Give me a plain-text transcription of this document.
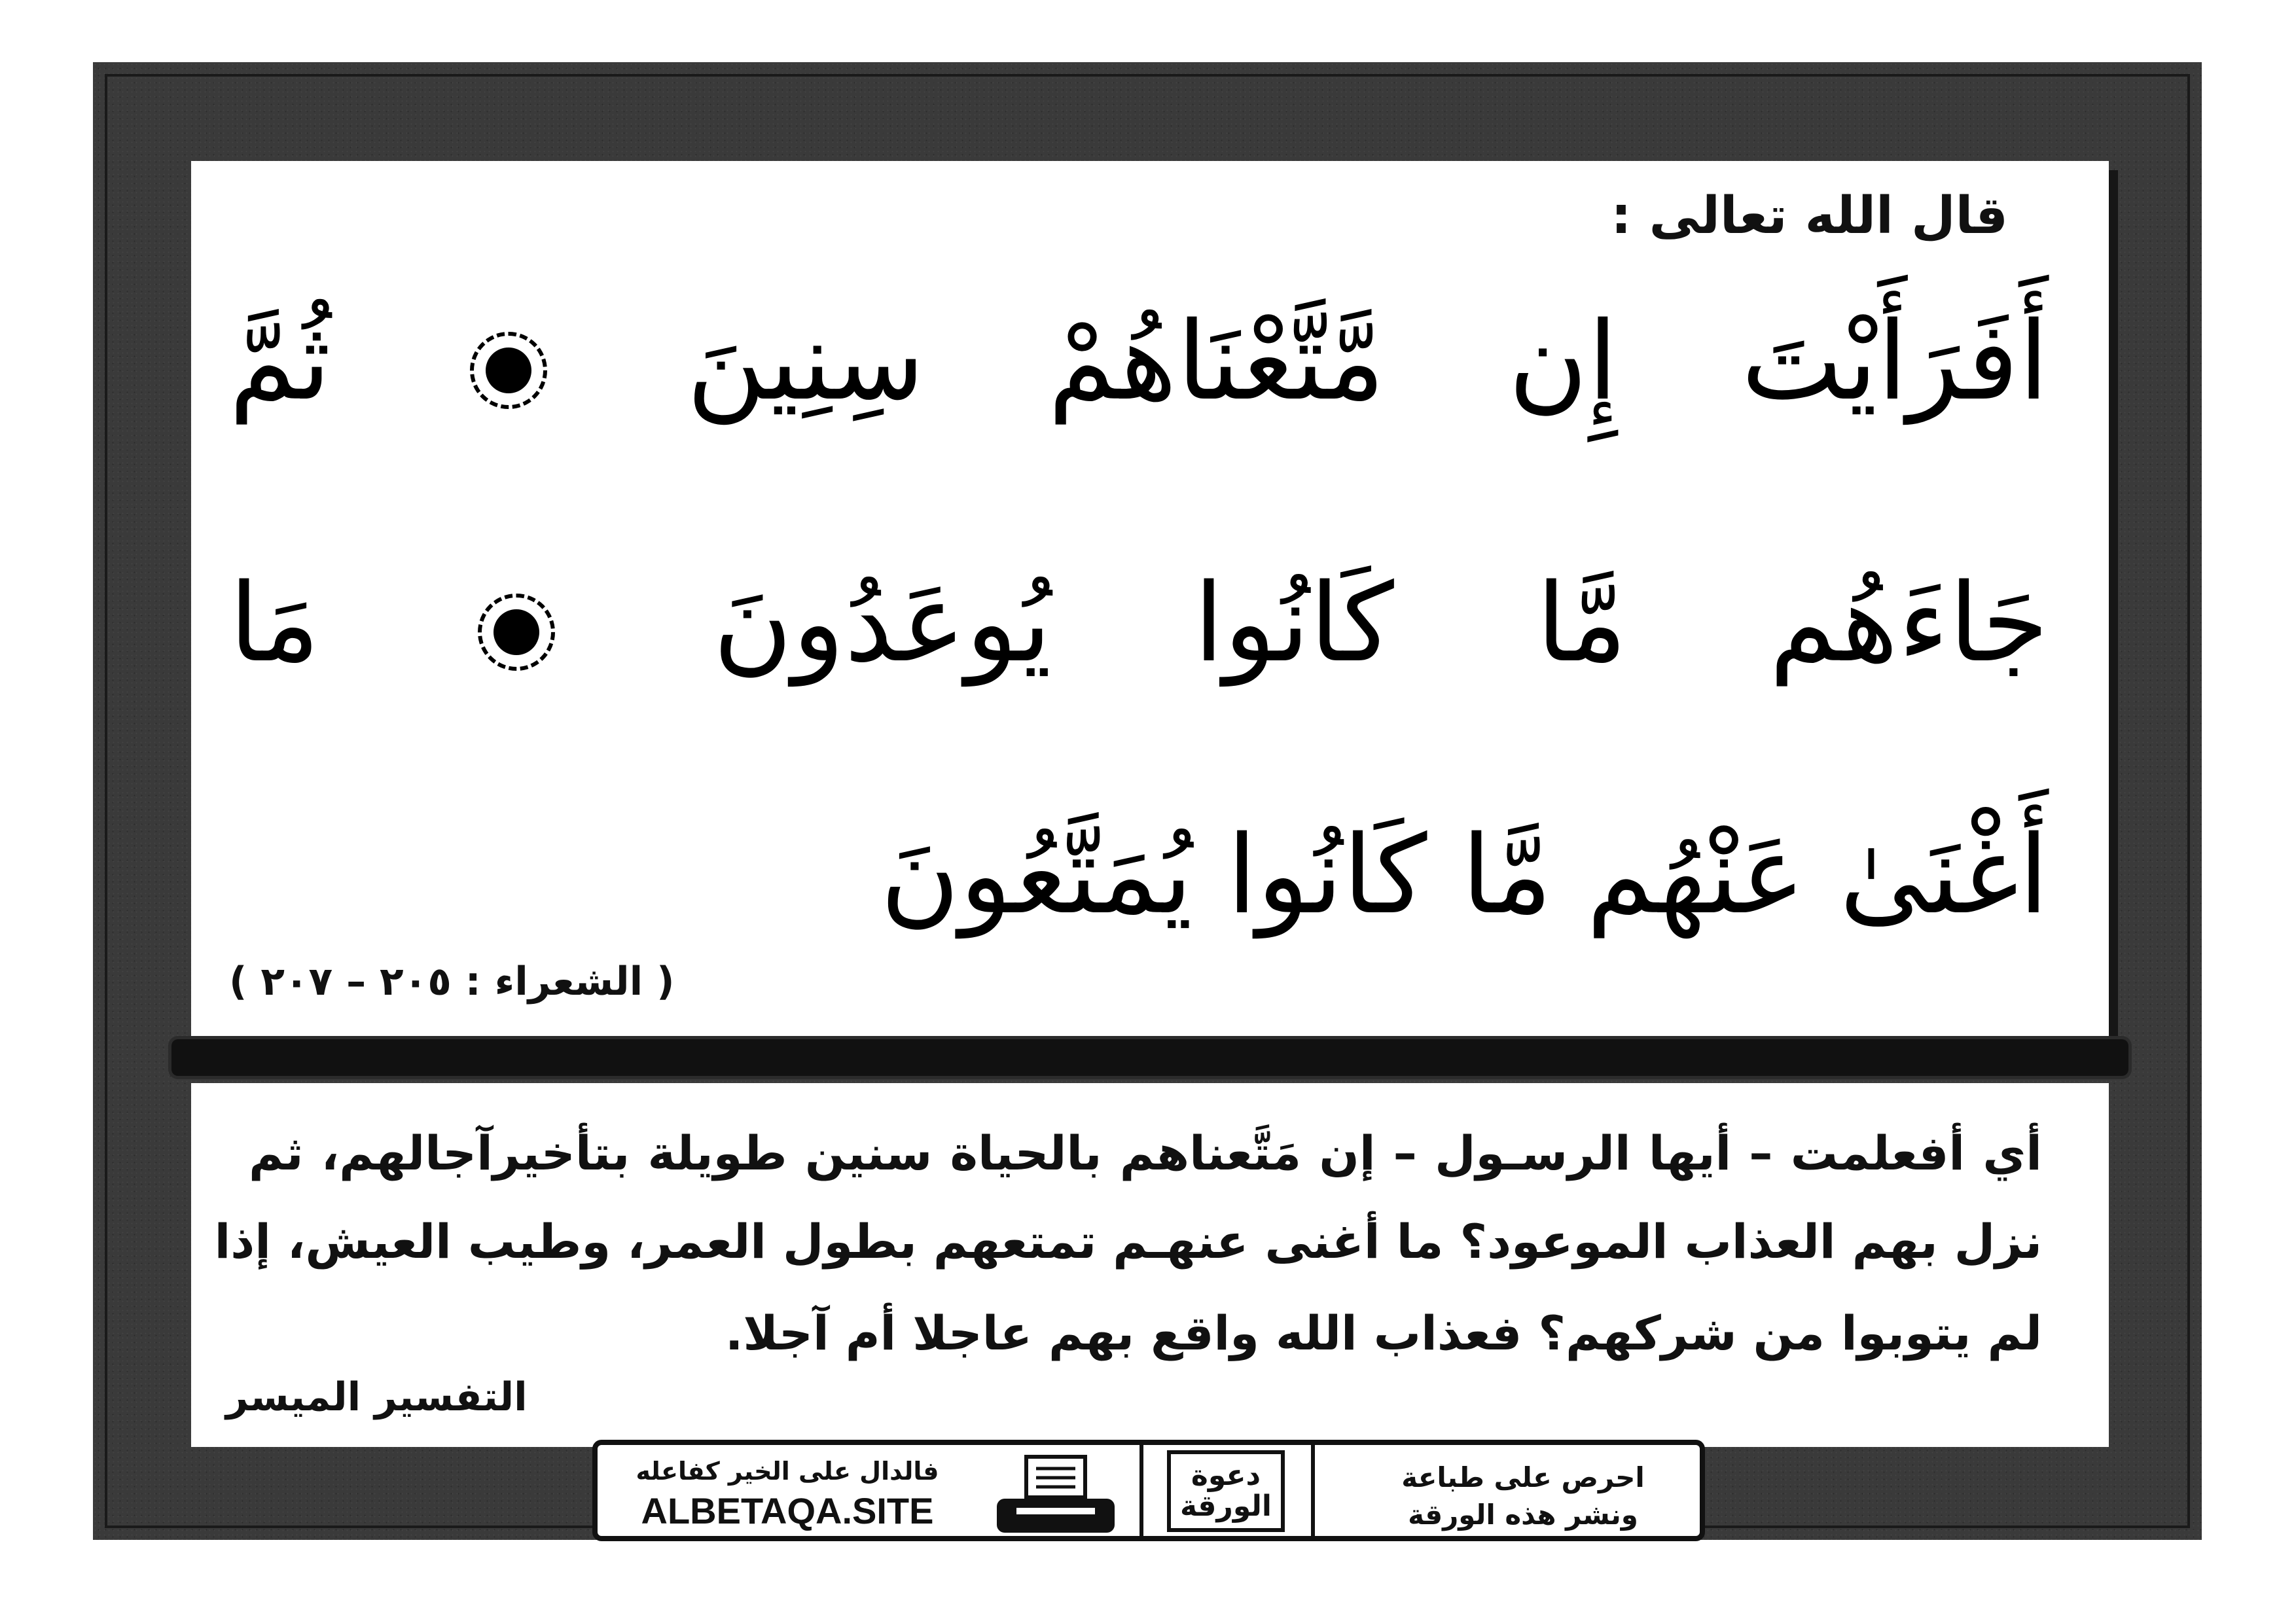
قال الله تعالى :
أَفَرَأَيْتَ إِن مَّتَّعْنَاهُمْ سِنِينَ  ثُمَّ
جَاءَهُم مَّا كَانُوا يُوعَدُونَ  مَا
أَغْنَىٰ عَنْهُم مَّا كَانُوا يُمَتَّعُونَ
( الشعراء : ٢٠٥ – ٢٠٧ )
أي أفعلمت – أيها الرسـول – إن مَتَّعناهم بالحياة سنين طويلة بتأخيرآجالهم، ثم
نزل بهم العذاب الموعود؟ ما أغنى عنهـم تمتعهم بطول العمر، وطيب العيش، إذا
لم يتوبوا من شركهم؟ فعذاب الله واقع بهم عاجلا أم آجلا.
التفسير الميسر
فالدال على الخير كفاعله
ALBETAQA.SITE
دعوة
الورقة
احرص على طباعة
ونشر هذه الورقة
